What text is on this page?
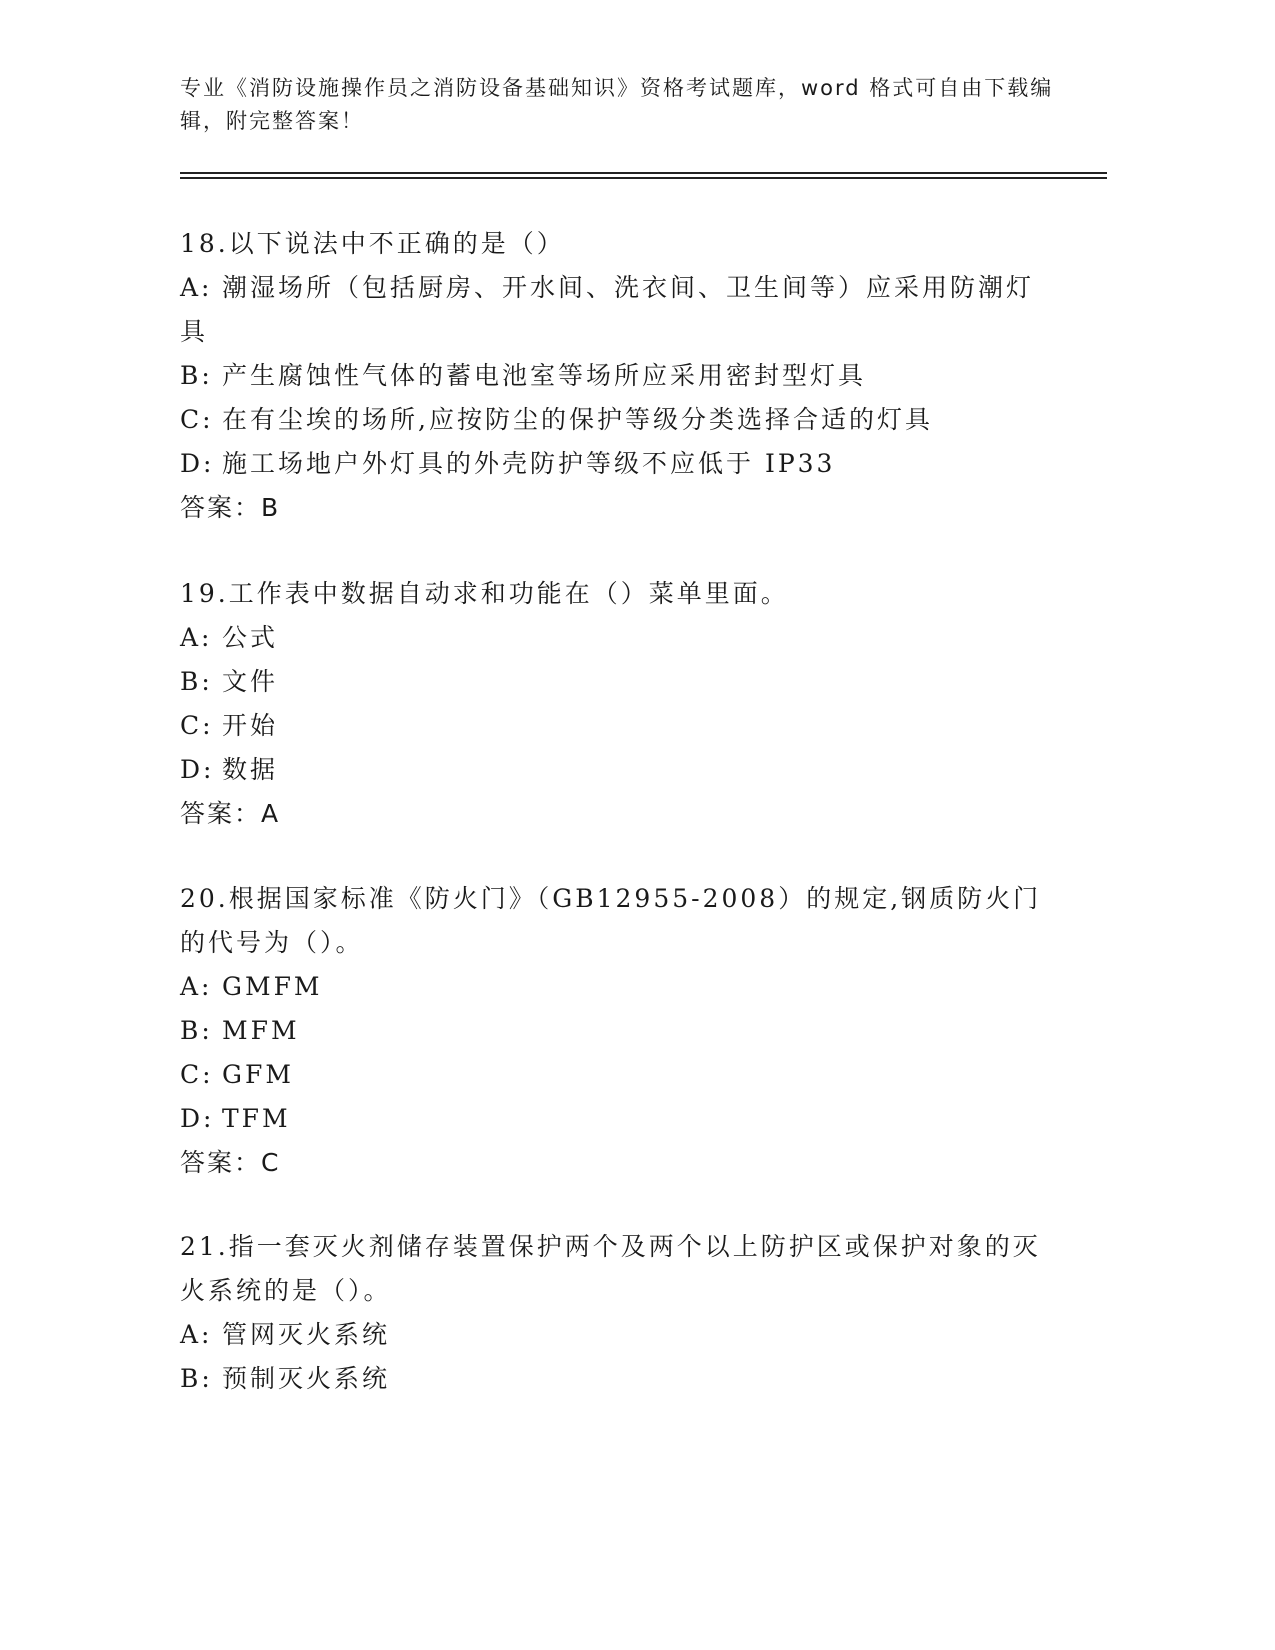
专业《消防设施操作员之消防设备基础知识》资格考试题库，word 格式可自由下载编辑，附完整答案！
18.以下说法中不正确的是（）
A: 潮湿场所（包括厨房、开水间、洗衣间、卫生间等）应采用防潮灯具
B: 产生腐蚀性气体的蓄电池室等场所应采用密封型灯具
C: 在有尘埃的场所,应按防尘的保护等级分类选择合适的灯具
D: 施工场地户外灯具的外壳防护等级不应低于 IP33
答案：B
19.工作表中数据自动求和功能在（）菜单里面。
A: 公式
B: 文件
C: 开始
D: 数据
答案：A
20.根据国家标准《防火门》（GB12955-2008）的规定,钢质防火门的代号为（）。
A: GMFM
B: MFM
C: GFM
D: TFM
答案：C
21.指一套灭火剂储存装置保护两个及两个以上防护区或保护对象的灭火系统的是（）。
A: 管网灭火系统
B: 预制灭火系统
